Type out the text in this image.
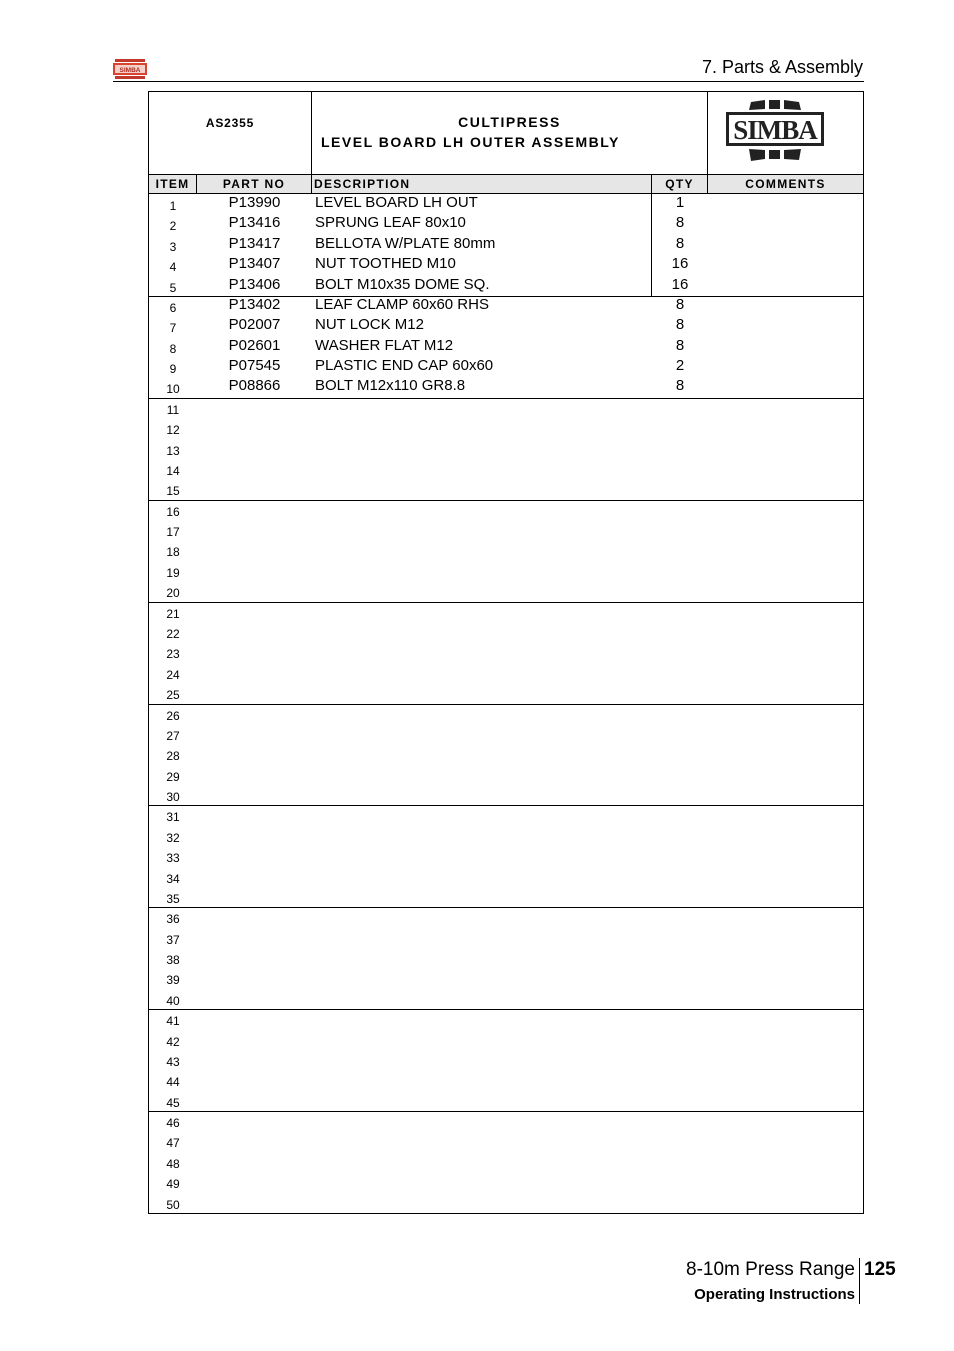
SIMBA	7. Parts & Assembly
AS2355	CULTIPRESS
LEVEL BOARD LH OUTER ASSEMBLY	SIMBA
ITEM	PART NO	DESCRIPTION	QTY	COMMENTS
1	P13990	LEVEL BOARD LH OUT	1
2	P13416	SPRUNG LEAF 80x10	8
3	P13417	BELLOTA W/PLATE 80mm	8
4	P13407	NUT TOOTHED M10	16
5	P13406	BOLT M10x35 DOME SQ.	16
6	P13402	LEAF CLAMP 60x60 RHS	8
7	P02007	NUT LOCK M12	8
8	P02601	WASHER FLAT M12	8
9	P07545	PLASTIC END CAP 60x60	2
10	P08866	BOLT M12x110 GR8.8	8
11
12
13
14
15
16
17
18
19
20
21
22
23
24
25
26
27
28
29
30
31
32
33
34
35
36
37
38
39
40
41
42
43
44
45
46
47
48
49
50
8-10m Press Range 125
Operating Instructions
